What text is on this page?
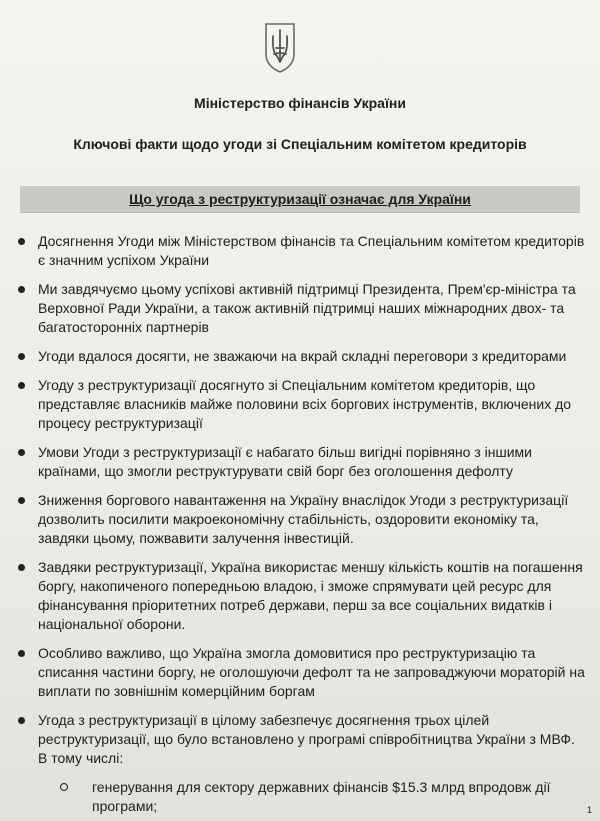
Міністерство фінансів України
Ключові факти щодо угоди зі Спеціальним комітетом кредиторів
Що угода з реструктуризації означає для України
Досягнення Угоди між Міністерством фінансів та Спеціальним комітетом кредиторів є значним успіхом України
Ми завдячуємо цьому успіхові активній підтримці Президента, Прем'єр-міністра та Верховної Ради України, а також активній підтримці наших міжнародних двох- та багатосторонніх партнерів
Угоди вдалося досягти, не зважаючи на вкрай складні переговори з кредиторами
Угоду з реструктуризації досягнуто зі Спеціальним комітетом кредиторів, що представляє власників майже половини всіх боргових інструментів, включених до процесу реструктуризації
Умови Угоди з реструктуризації є набагато більш вигідні порівняно з іншими країнами, що змогли реструктурувати свій борг без оголошення дефолту
Зниження боргового навантаження на Україну внаслідок Угоди з реструктуризації дозволить посилити макроекономічну стабільність, оздоровити економіку та, завдяки цьому, пожвавити залучення інвестицій.
Завдяки реструктуризації, Україна використає меншу кількість коштів на погашення боргу, накопиченого попередньою владою, і зможе спрямувати цей ресурс для фінансування пріоритетних потреб держави, перш за все соціальних видатків і національної оборони.
Особливо важливо, що Україна змогла домовитися про реструктуризацію та списання частини боргу, не оголошуючи дефолт та не запроваджуючи мораторій на виплати по зовнішнім комерційним боргам
Угода з реструктуризації в цілому забезпечує досягнення трьох цілей реструктуризації, що було встановлено у програмі співробітництва України з МВФ. В тому числі:
генерування для сектору державних фінансів $15.3 млрд впродовж дії програми;	1
